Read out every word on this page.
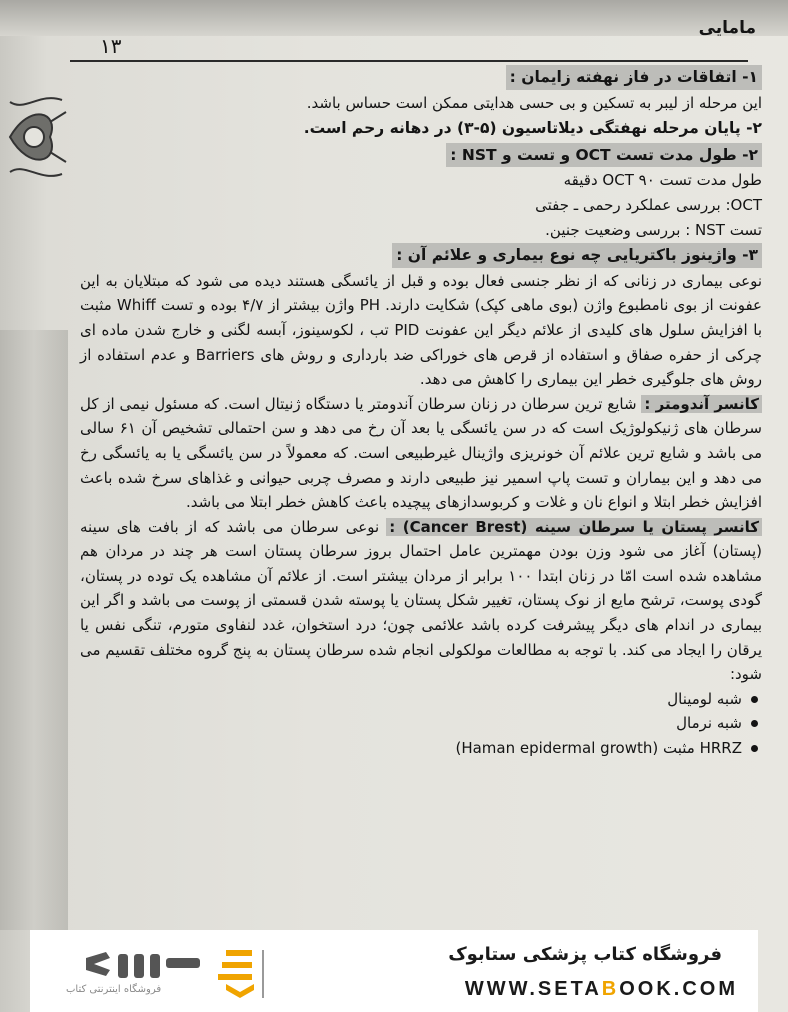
مامایی
۱۳
۱- اتفاقات در فاز نهفته زایمان :

این مرحله از لیبر به تسکین و بی حسی هدایتی ممکن است حساس باشد.

۲- پایان مرحله نهفتگی دیلاتاسیون (۵-۳) در دهانه رحم است.
۲- طول مدت تست OCT و تست و NST :

طول مدت تست ۹۰ OCT دقیقه

OCT: بررسی عملکرد رحمی ـ جفتی

تست NST : بررسی وضعیت جنین.

۳- واژینوز باکتریایی چه نوع بیماری و علائم آن :

نوعی بیماری در زنانی که از نظر جنسی فعال بوده و قبل از یائسگی هستند دیده می شود که مبتلایان به این عفونت از بوی نامطبوع واژن (بوی ماهی کپک) شکایت دارند. PH واژن بیشتر از ۴/۷ بوده و تست Whiff مثبت با افزایش سلول های کلیدی از علائم دیگر این عفونت PID تب ، لکوسینوز، آبسه لگنی و خارج شدن ماده ای چرکی از حفره صفاق و استفاده از قرص های خوراکی ضد بارداری و روش های Barriers و عدم استفاده از روش های جلوگیری خطر این بیماری را کاهش می دهد.

کانسر آندومتر : شایع ترین سرطان در زنان سرطان آندومتر یا دستگاه ژنیتال است. که مسئول نیمی از کل سرطان های ژنیکولوژیک است که در سن یائسگی یا بعد آن رخ می دهد و سن احتمالی تشخیص آن ۶۱ سالی می باشد و شایع ترین علائم آن خونریزی واژینال غیرطبیعی است. که معمولاً در سن یائسگی یا به یائسگی رخ می دهد و این بیماران و تست پاپ اسمیر نیز طبیعی دارند و مصرف چربی حیوانی و غذاهای سرخ شده باعث افزایش خطر ابتلا و انواع نان و غلات و کربوسدازهای پیچیده باعث کاهش خطر ابتلا می باشد.

کانسر پستان یا سرطان سینه (Cancer Brest) : نوعی سرطان می باشد که از بافت های سینه (پستان) آغاز می شود وزن بودن مهمترین عامل احتمال بروز سرطان پستان است هر چند در مردان هم مشاهده شده است امّا در زنان ابتدا ۱۰۰ برابر از مردان بیشتر است. از علائم آن مشاهده یک توده در پستان، گودی پوست، ترشح مایع از نوک پستان، تغییر شکل پستان یا پوسته شدن قسمتی از پوست می باشد و اگر این بیماری در اندام های دیگر پیشرفت کرده باشد علائمی چون؛ درد استخوان، غدد لنفاوی متورم، تنگی نفس یا یرقان را ایجاد می کند. با توجه به مطالعات مولکولی انجام شده سرطان پستان به پنج گروه مختلف تقسیم می شود:

شبه لومینال
شبه نرمال
HRRZ مثبت (Haman epidermal growth)
فروشگاه اینترنتی کتاب
فروشگاه کتاب پزشکی ستابوک
WWW.SETABOOK.COM
